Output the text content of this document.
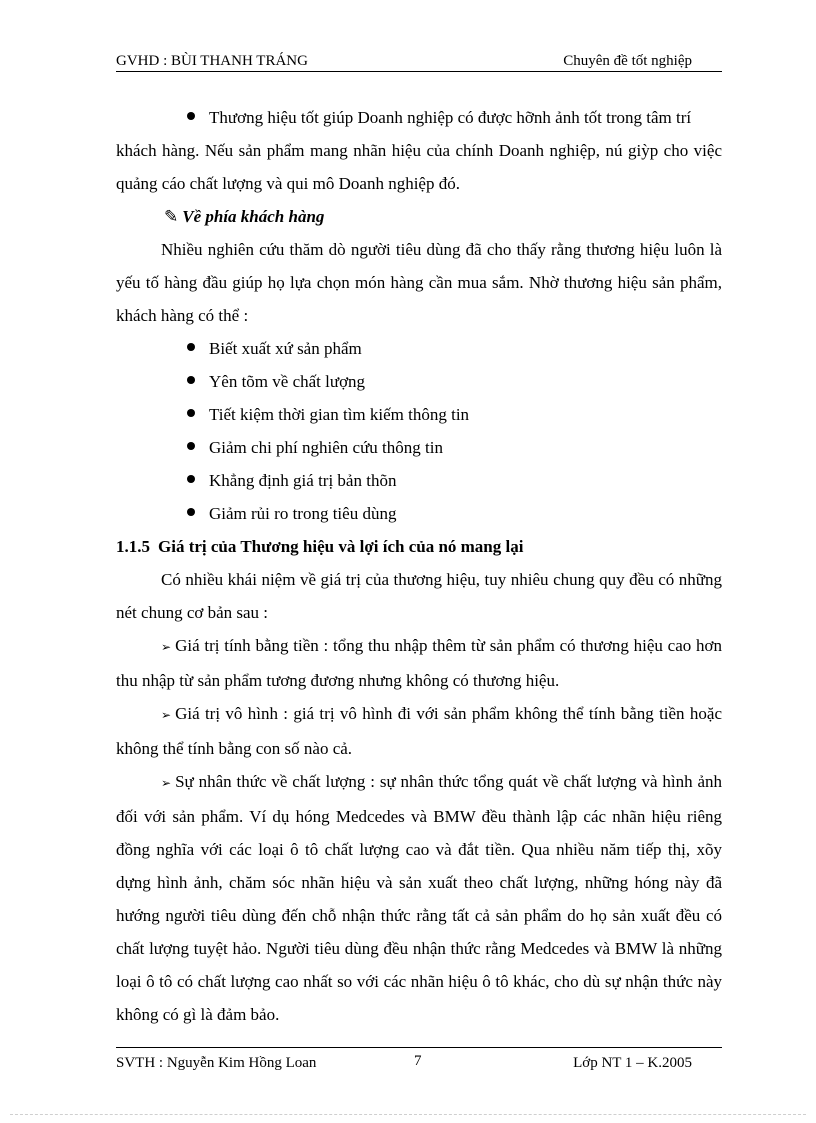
GVHD : BÙI THANH TRÁNG	Chuyên đề tốt nghiệp

Thương hiệu tốt giúp Doanh nghiệp có được hỡnh ảnh tốt trong tâm trí

khách hàng. Nếu sản phẩm mang nhãn hiệu của chính Doanh nghiệp, nú giỳp cho việc quảng cáo chất lượng và qui mô Doanh nghiệp đó.

✎ Về phía khách hàng

Nhiều nghiên cứu thăm dò người tiêu dùng đã cho thấy rằng thương hiệu luôn là yếu tố hàng đầu giúp họ lựa chọn món hàng cần mua sắm. Nhờ thương hiệu sản phẩm, khách hàng có thể :

Biết xuất xứ sản phẩm

Yên tõm về chất lượng

Tiết kiệm thời gian tìm kiếm thông tin

Giảm chi phí nghiên cứu thông tin

Khẳng định giá trị bản thõn

Giảm rủi ro trong tiêu dùng

1.1.5 Giá trị của Thương hiệu và lợi ích của nó mang lại

Có nhiều khái niệm về giá trị của thương hiệu, tuy nhiêu chung quy đều có những nét chung cơ bản sau :

➢ Giá trị tính bằng tiền : tổng thu nhập thêm từ sản phẩm có thương hiệu cao hơn thu nhập từ sản phẩm tương đương nhưng không có thương hiệu.

➢ Giá trị vô hình : giá trị vô hình đi với sản phẩm không thể tính bằng tiền hoặc không thể tính bằng con số nào cả.

➢ Sự nhân thức về chất lượng : sự nhân thức tổng quát về chất lượng và hình ảnh đối với sản phẩm. Ví dụ hóng Medcedes và BMW đều thành lập các nhãn hiệu riêng đồng nghĩa với các loại ô tô chất lượng cao và đắt tiền. Qua nhiều năm tiếp thị, xõy dựng hình ảnh, chăm sóc nhãn hiệu và sản xuất theo chất lượng, những hóng này đã hướng người tiêu dùng đến chỗ nhận thức rằng tất cả sản phẩm do họ sản xuất đều có chất lượng tuyệt hảo. Người tiêu dùng đều nhận thức rằng Medcedes và BMW là những loại ô tô có chất lượng cao nhất so với các nhãn hiệu ô tô khác, cho dù sự nhận thức này không có gì là đảm bảo.

SVTH : Nguyễn Kim Hồng Loan	7	Lớp NT 1 – K.2005
